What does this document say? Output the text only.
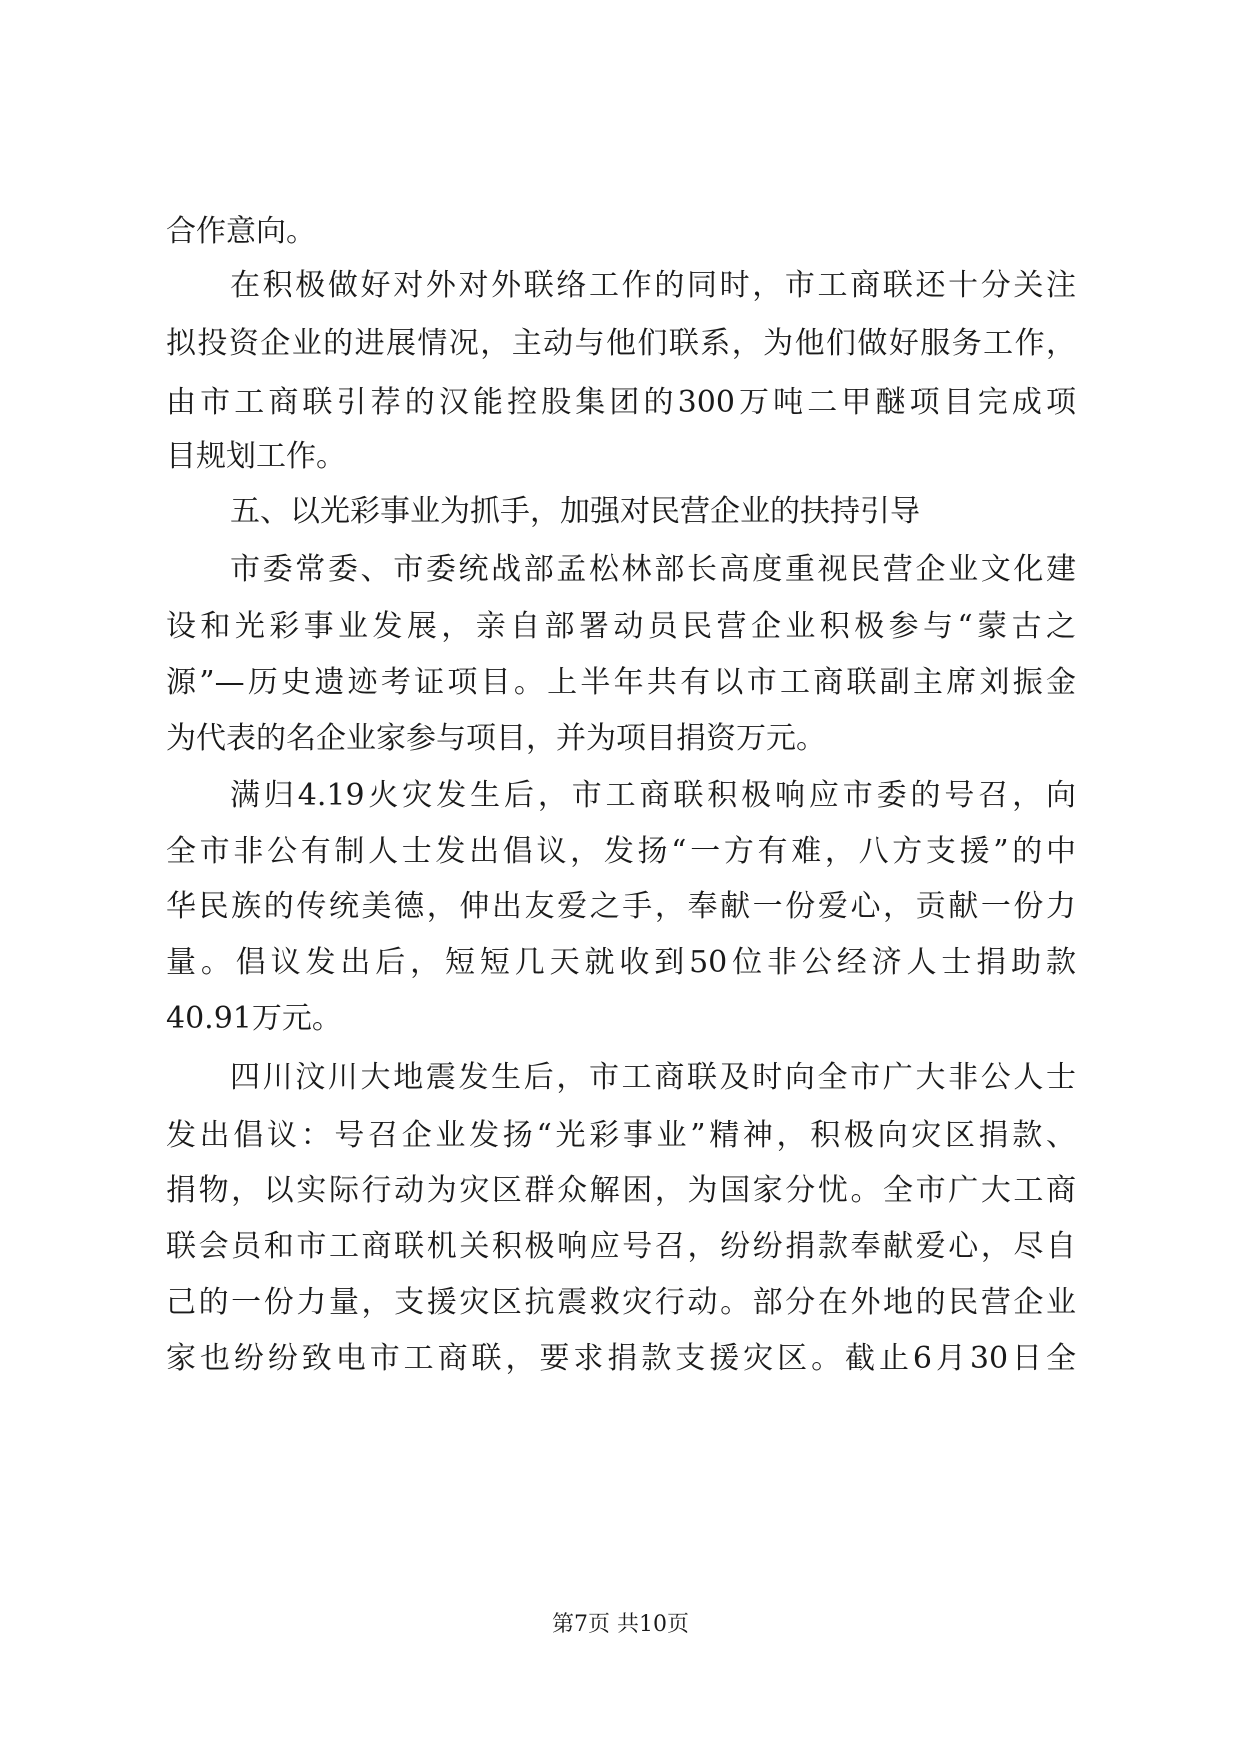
合作意向。
在积极做好对外对外联络工作的同时，市工商联还十分关注
拟投资企业的进展情况，主动与他们联系，为他们做好服务工作，
由市工商联引荐的汉能控股集团的300万吨二甲醚项目完成项
目规划工作。
五、以光彩事业为抓手，加强对民营企业的扶持引导
市委常委、市委统战部孟松林部长高度重视民营企业文化建
设和光彩事业发展，亲自部署动员民营企业积极参与“蒙古之
源”—历史遗迹考证项目。上半年共有以市工商联副主席刘振金
为代表的名企业家参与项目，并为项目捐资万元。
满归4.19火灾发生后，市工商联积极响应市委的号召，向
全市非公有制人士发出倡议，发扬“一方有难，八方支援”的中
华民族的传统美德，伸出友爱之手，奉献一份爱心，贡献一份力
量。倡议发出后，短短几天就收到50位非公经济人士捐助款
40.91万元。
四川汶川大地震发生后，市工商联及时向全市广大非公人士
发出倡议：号召企业发扬“光彩事业”精神，积极向灾区捐款、
捐物，以实际行动为灾区群众解困，为国家分忧。全市广大工商
联会员和市工商联机关积极响应号召，纷纷捐款奉献爱心，尽自
己的一份力量，支援灾区抗震救灾行动。部分在外地的民营企业
家也纷纷致电市工商联，要求捐款支援灾区。截止6月30日全
第7页 共10页
